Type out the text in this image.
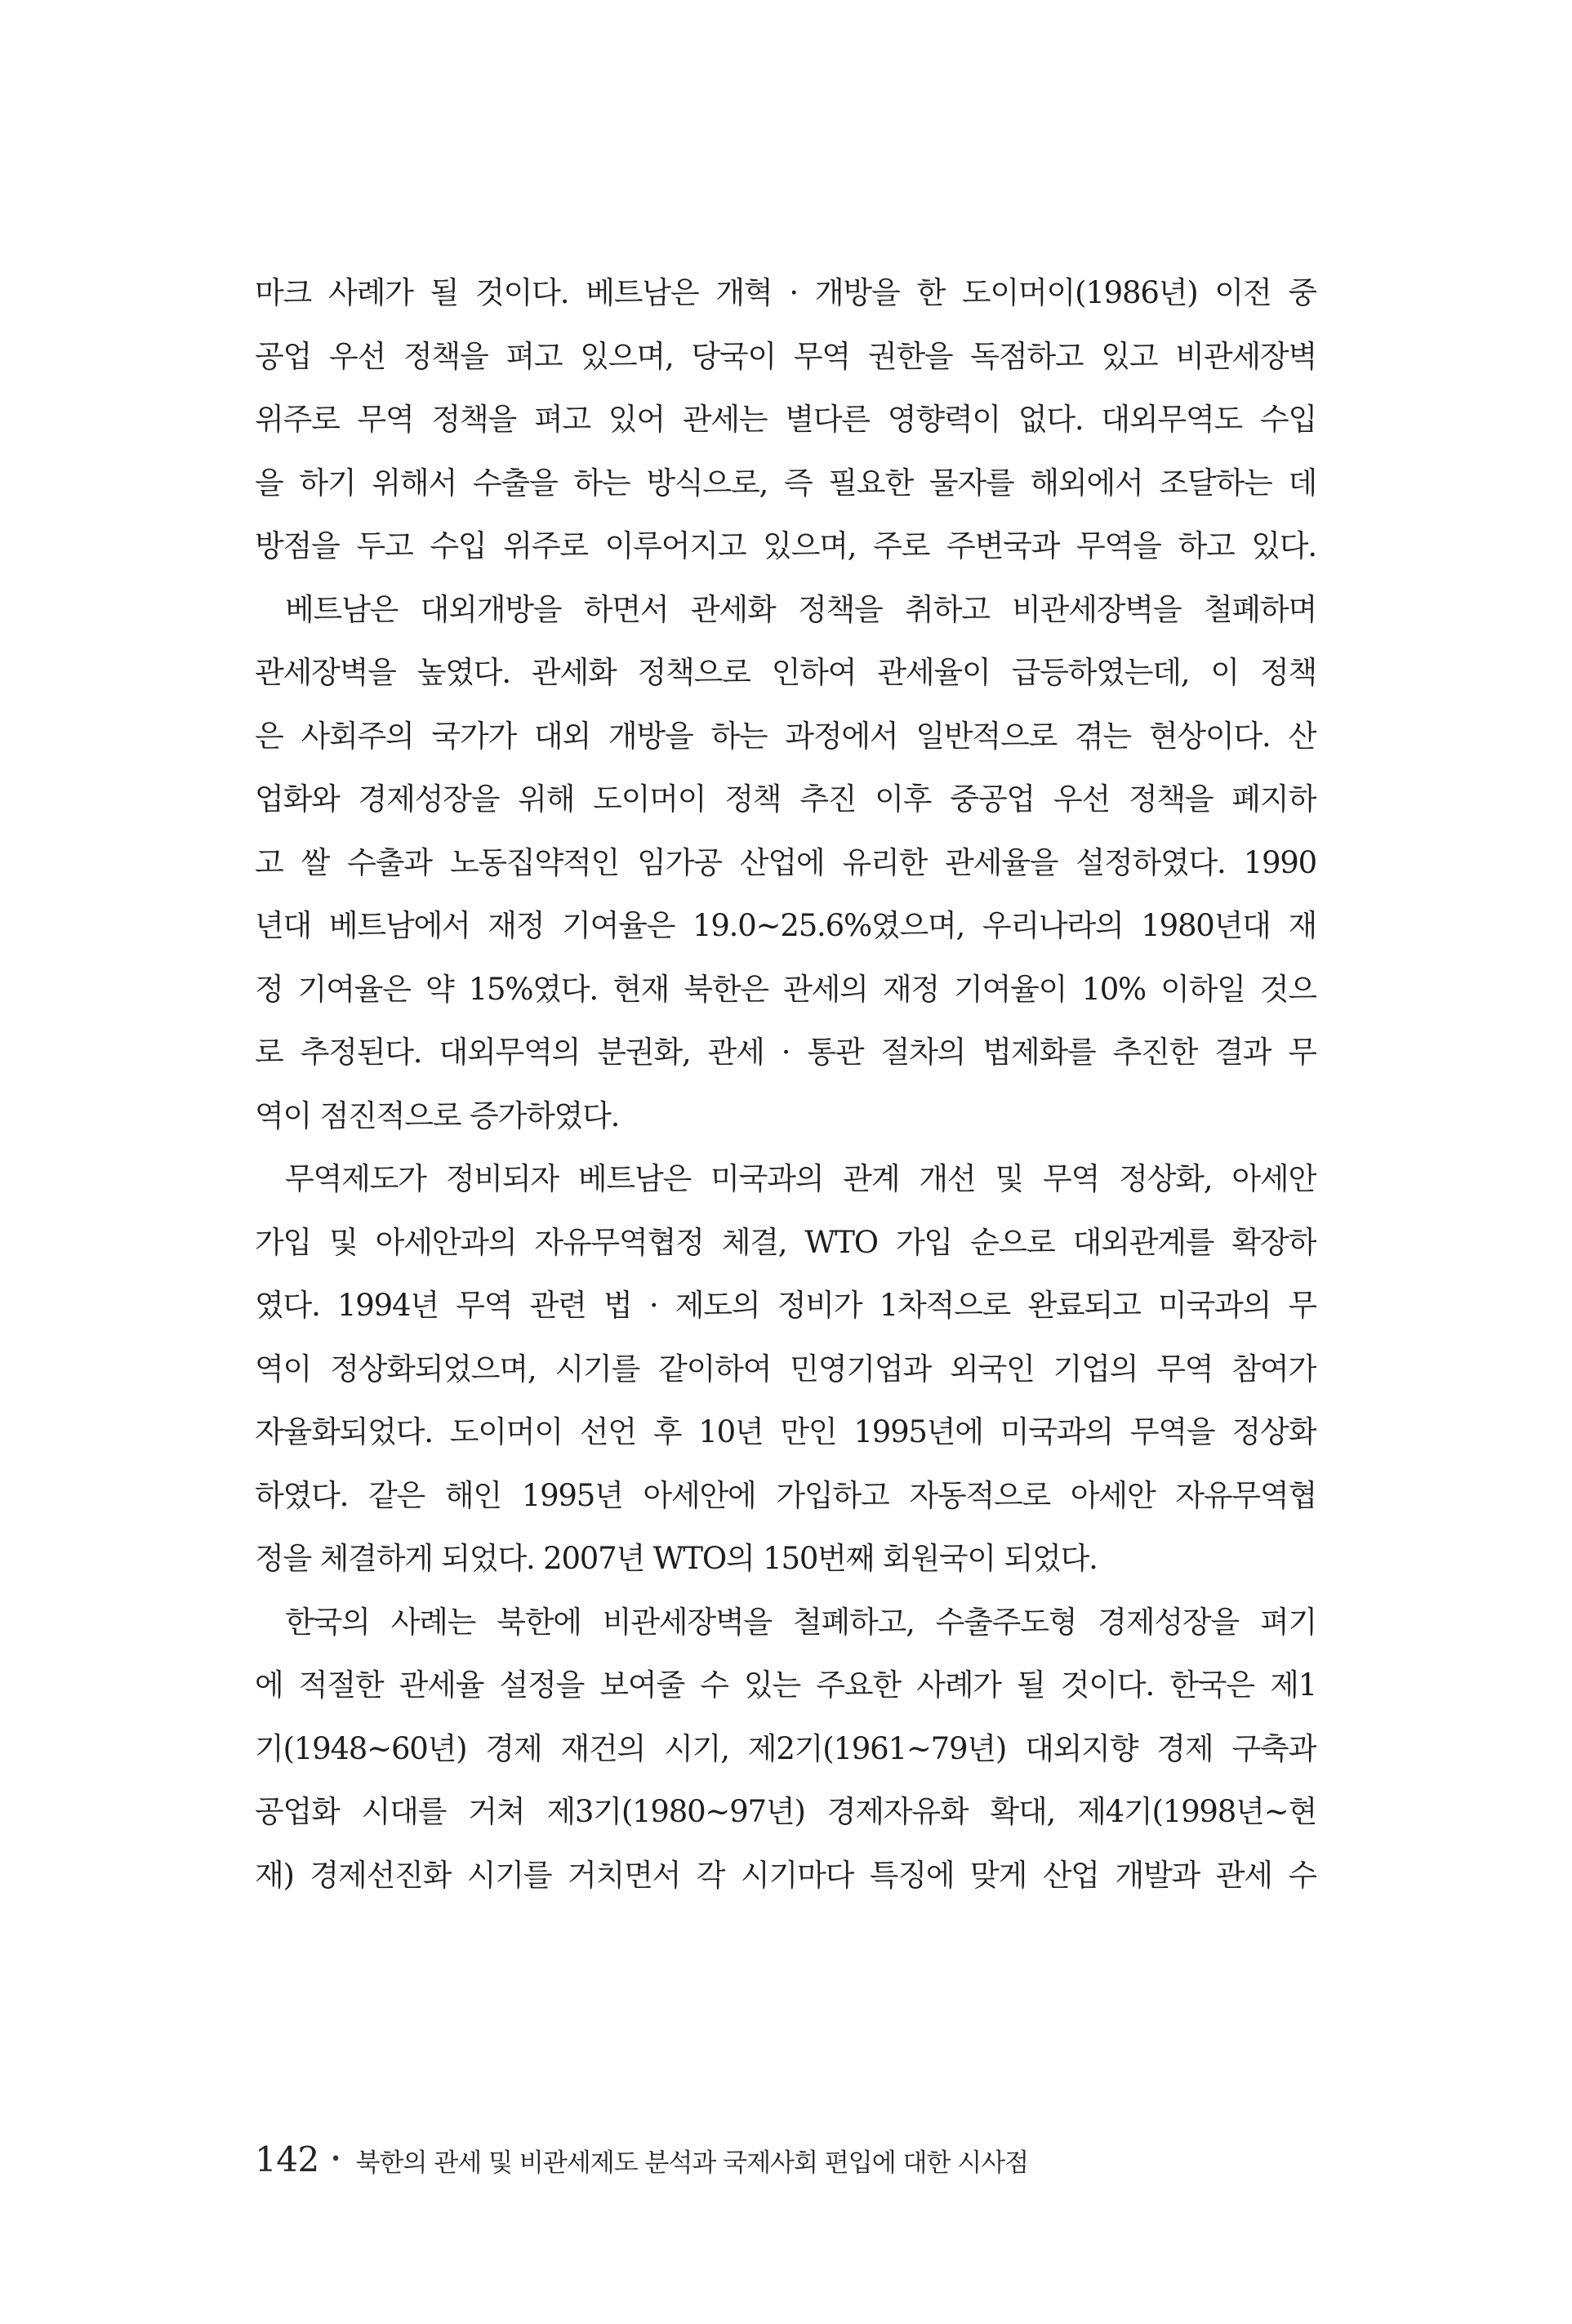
마크 사례가 될 것이다. 베트남은 개혁 · 개방을 한 도이머이(1986년) 이전 중
공업 우선 정책을 펴고 있으며, 당국이 무역 권한을 독점하고 있고 비관세장벽
위주로 무역 정책을 펴고 있어 관세는 별다른 영향력이 없다. 대외무역도 수입
을 하기 위해서 수출을 하는 방식으로, 즉 필요한 물자를 해외에서 조달하는 데
방점을 두고 수입 위주로 이루어지고 있으며, 주로 주변국과 무역을 하고 있다.
베트남은 대외개방을 하면서 관세화 정책을 취하고 비관세장벽을 철폐하며
관세장벽을 높였다. 관세화 정책으로 인하여 관세율이 급등하였는데, 이 정책
은 사회주의 국가가 대외 개방을 하는 과정에서 일반적으로 겪는 현상이다. 산
업화와 경제성장을 위해 도이머이 정책 추진 이후 중공업 우선 정책을 폐지하
고 쌀 수출과 노동집약적인 임가공 산업에 유리한 관세율을 설정하였다. 1990
년대 베트남에서 재정 기여율은 19.0~25.6%였으며, 우리나라의 1980년대 재
정 기여율은 약 15%였다. 현재 북한은 관세의 재정 기여율이 10% 이하일 것으
로 추정된다. 대외무역의 분권화, 관세 · 통관 절차의 법제화를 추진한 결과 무
역이 점진적으로 증가하였다.
무역제도가 정비되자 베트남은 미국과의 관계 개선 및 무역 정상화, 아세안
가입 및 아세안과의 자유무역협정 체결, WTO 가입 순으로 대외관계를 확장하
였다. 1994년 무역 관련 법 · 제도의 정비가 1차적으로 완료되고 미국과의 무
역이 정상화되었으며, 시기를 같이하여 민영기업과 외국인 기업의 무역 참여가
자율화되었다. 도이머이 선언 후 10년 만인 1995년에 미국과의 무역을 정상화
하였다. 같은 해인 1995년 아세안에 가입하고 자동적으로 아세안 자유무역협
정을 체결하게 되었다. 2007년 WTO의 150번째 회원국이 되었다.
한국의 사례는 북한에 비관세장벽을 철폐하고, 수출주도형 경제성장을 펴기
에 적절한 관세율 설정을 보여줄 수 있는 주요한 사례가 될 것이다. 한국은 제1
기(1948~60년) 경제 재건의 시기, 제2기(1961~79년) 대외지향 경제 구축과
공업화 시대를 거쳐 제3기(1980~97년) 경제자유화 확대, 제4기(1998년~현
재) 경제선진화 시기를 거치면서 각 시기마다 특징에 맞게 산업 개발과 관세 수
142 • 북한의 관세 및 비관세제도 분석과 국제사회 편입에 대한 시사점
